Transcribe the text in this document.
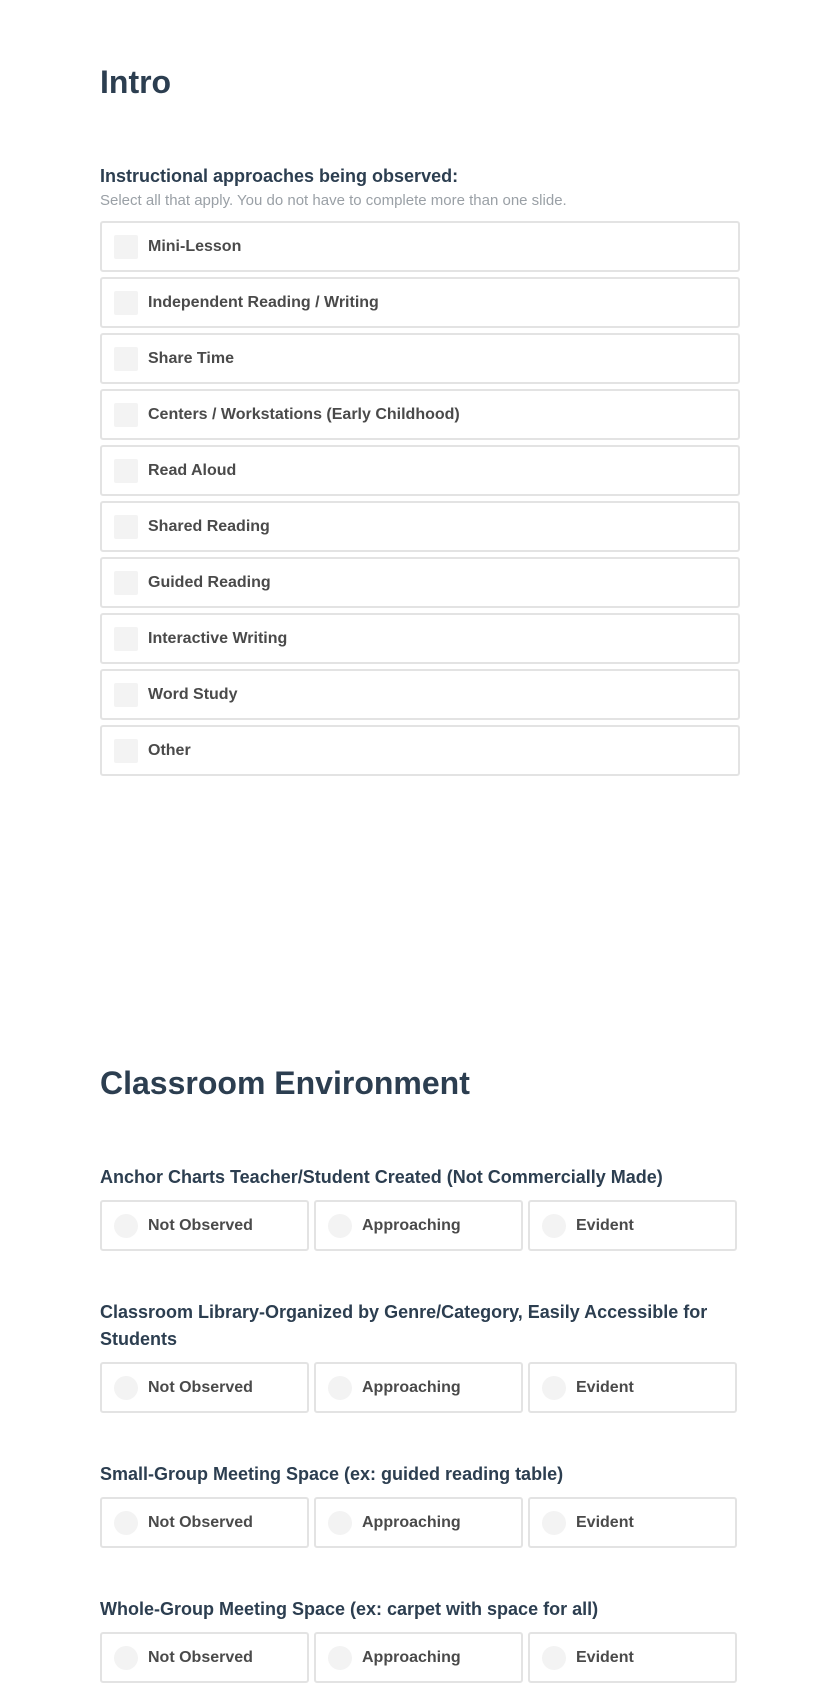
Intro

Instructional approaches being observed:

Select all that apply. You do not have to complete more than one slide.

Mini-Lesson
Independent Reading / Writing
Share Time
Centers / Workstations (Early Childhood)
Read Aloud
Shared Reading
Guided Reading
Interactive Writing
Word Study
Other
Classroom Environment

Anchor Charts Teacher/Student Created (Not Commercially Made)

Not Observed	Approaching	Evident

Classroom Library-Organized by Genre/Category, Easily Accessible for Students

Not Observed	Approaching	Evident

Small-Group Meeting Space (ex: guided reading table)

Not Observed	Approaching	Evident

Whole-Group Meeting Space (ex: carpet with space for all)

Not Observed	Approaching	Evident
